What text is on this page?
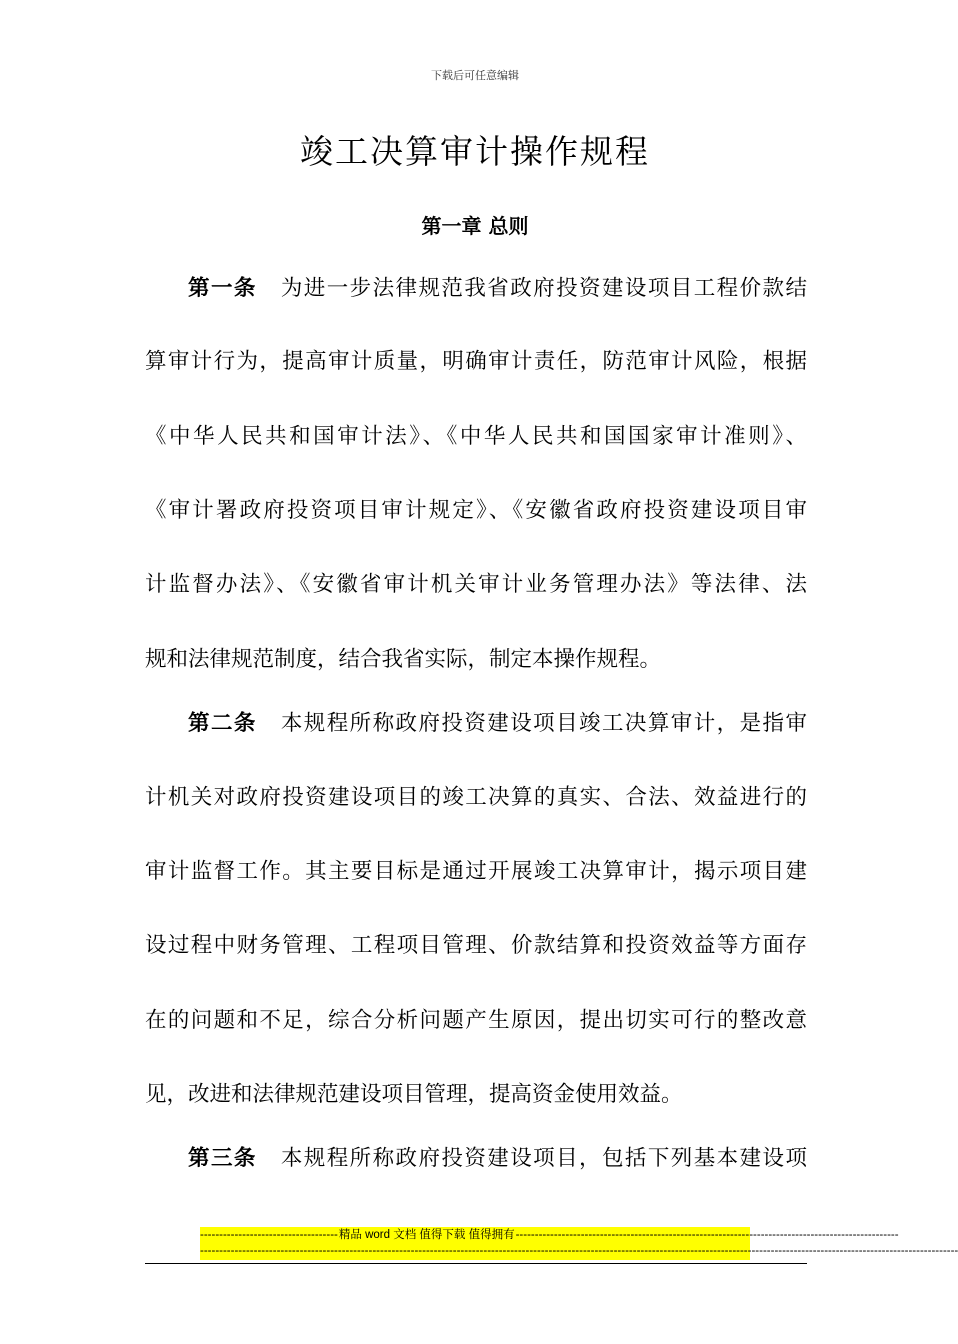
下载后可任意编辑
竣工决算审计操作规程
第一章 总则
第一条 为进一步法律规范我省政府投资建设项目工程价款结
算审计行为，提高审计质量，明确审计责任，防范审计风险，根据
《中华人民共和国审计法》、《中华人民共和国国家审计准则》、
《审计署政府投资项目审计规定》、《安徽省政府投资建设项目审
计监督办法》、《安徽省审计机关审计业务管理办法》等法律、法
规和法律规范制度，结合我省实际，制定本操作规程。
第二条 本规程所称政府投资建设项目竣工决算审计，是指审
计机关对政府投资建设项目的竣工决算的真实、合法、效益进行的
审计监督工作。其主要目标是通过开展竣工决算审计，揭示项目建
设过程中财务管理、工程项目管理、价款结算和投资效益等方面存
在的问题和不足，综合分析问题产生原因，提出切实可行的整改意
见，改进和法律规范建设项目管理，提高资金使用效益。
第三条 本规程所称政府投资建设项目，包括下列基本建设项
------------------------------------ 精品 word 文档 值得下载 值得拥有 ----------------------------------------------------------------------------------------------------
------------------------------------------------------------------------------------------------------------------------------------------------------------------------------------------------------
